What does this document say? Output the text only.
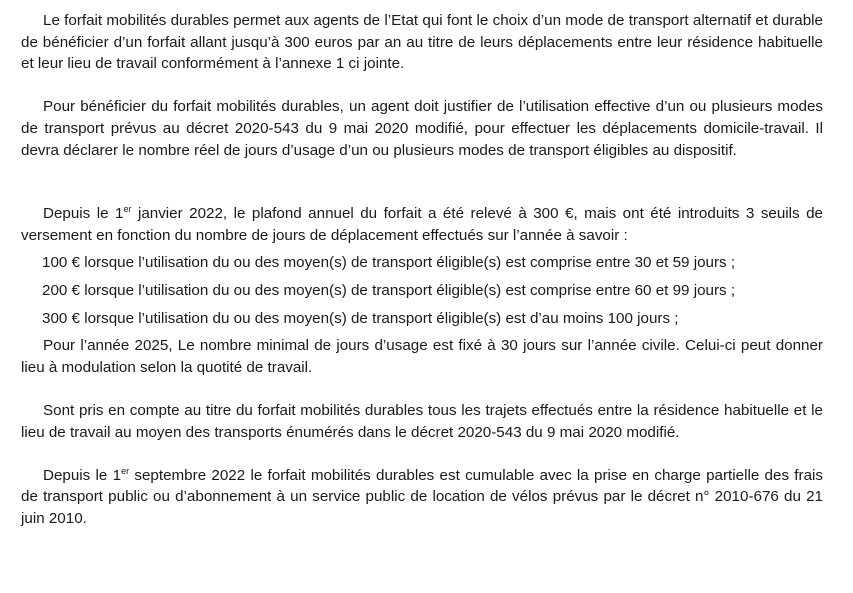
Le forfait mobilités durables permet aux agents de l’Etat qui font le choix d’un mode de transport alternatif et durable de bénéficier d’un forfait allant jusqu’à 300 euros par an au titre de leurs déplacements entre leur résidence habituelle et leur lieu de travail conformément à l’annexe 1 ci jointe.

Pour bénéficier du forfait mobilités durables, un agent doit justifier de l’utilisation effective d’un ou plusieurs modes de transport prévus au décret 2020-543 du 9 mai 2020 modifié, pour effectuer les déplacements domicile-travail. Il devra déclarer le nombre réel de jours d’usage d’un ou plusieurs modes de transport éligibles au dispositif.

Depuis le 1er janvier 2022, le plafond annuel du forfait a été relevé à 300 €, mais ont été introduits 3 seuils de versement en fonction du nombre de jours de déplacement effectués sur l’année à savoir :

100 € lorsque l’utilisation du ou des moyen(s) de transport éligible(s) est comprise entre 30 et 59 jours ;

200 € lorsque l’utilisation du ou des moyen(s) de transport éligible(s) est comprise entre 60 et 99 jours ;

300 € lorsque l’utilisation du ou des moyen(s) de transport éligible(s) est d’au moins 100 jours ;

Pour l’année 2025, Le nombre minimal de jours d’usage est fixé à 30 jours sur l’année civile. Celui-ci peut donner lieu à modulation selon la quotité de travail.

Sont pris en compte au titre du forfait mobilités durables tous les trajets effectués entre la résidence habituelle et le lieu de travail au moyen des transports énumérés dans le décret 2020-543 du 9 mai 2020 modifié.

Depuis le 1er septembre 2022 le forfait mobilités durables est cumulable avec la prise en charge partielle des frais de transport public ou d’abonnement à un service public de location de vélos prévus par le décret n° 2010-676 du 21 juin 2010.
